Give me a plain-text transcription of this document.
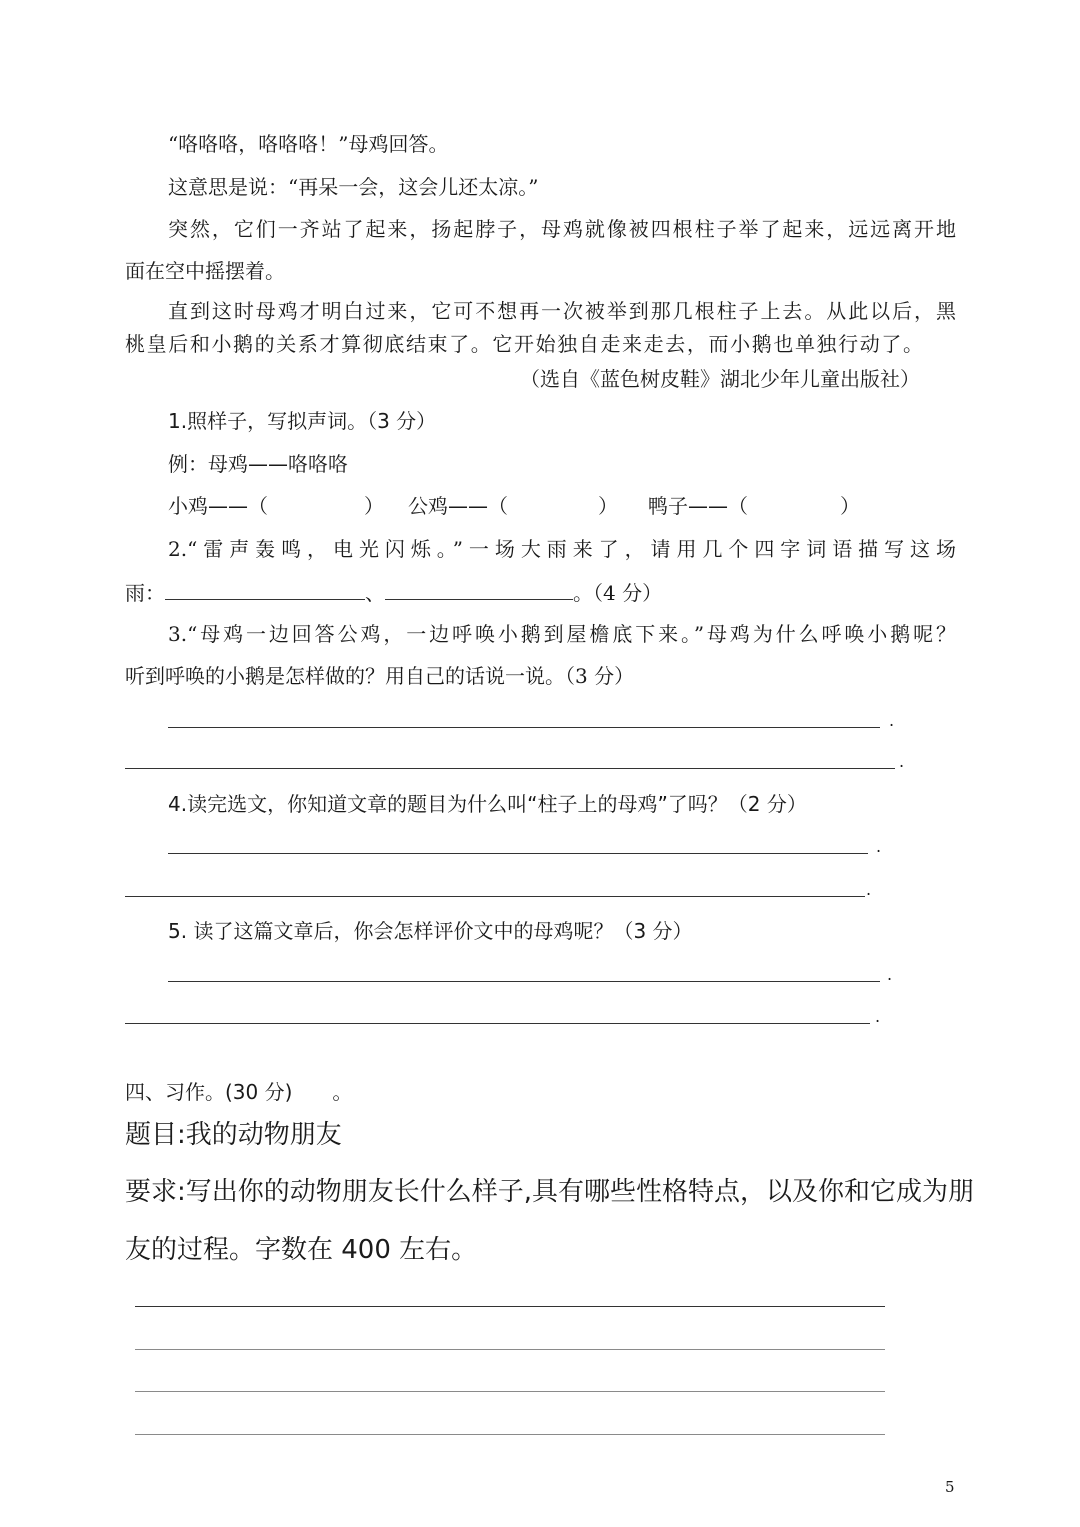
“咯咯咯，咯咯咯！”母鸡回答。
这意思是说：“再呆一会，这会儿还太凉。”
突然，它们一齐站了起来，扬起脖子，母鸡就像被四根柱子举了起来，远远离开地
面在空中摇摆着。
直到这时母鸡才明白过来，它可不想再一次被举到那几根柱子上去。从此以后，黑
桃皇后和小鹅的关系才算彻底结束了。它开始独自走来走去，而小鹅也单独行动了。
（选自《蓝色树皮鞋》湖北少年儿童出版社）
1.照样子，写拟声词。（3 分）
例：母鸡——咯咯咯
小鸡——（	） 公鸡——（	） 鸭子——（	）
2.“雷声轰鸣，电光闪烁。”一场大雨来了，请用几个四字词语描写这场
雨：	、	。（4 分）
3.“母鸡一边回答公鸡，一边呼唤小鹅到屋檐底下来。”母鸡为什么呼唤小鹅呢？
听到呼唤的小鹅是怎样做的？用自己的话说一说。（3 分）
.
.
4.读完选文，你知道文章的题目为什么叫“柱子上的母鸡”了吗？（2 分）
.
.
5. 读了这篇文章后，你会怎样评价文中的母鸡呢？（3 分）
.
.
四、习作。(30 分) 。
题目:我的动物朋友
要求:写出你的动物朋友长什么样子,具有哪些性格特点，以及你和它成为朋
友的过程。字数在 400 左右。
5
